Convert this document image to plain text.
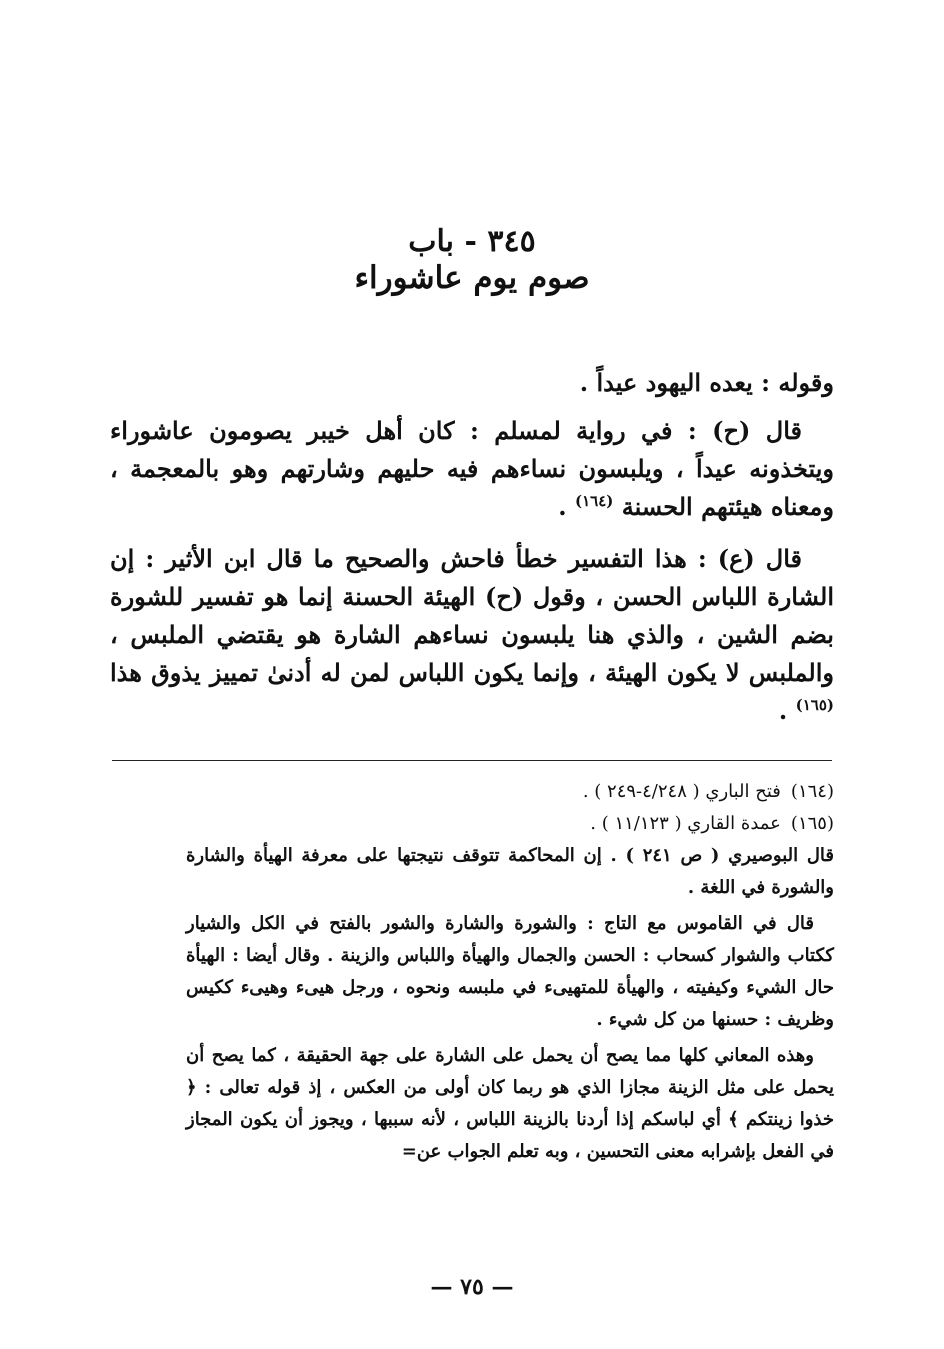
٣٤٥ - باب
صوم يوم عاشوراء

وقوله : يعده اليهود عيداً .

قال (ح) : في رواية لمسلم : كان أهل خيبر يصومون عاشوراء ويتخذونه عيداً ، ويلبسون نساءهم فيه حليهم وشارتهم وهو بالمعجمة ، ومعناه هيئتهم الحسنة $^{(١٦٤)}$ .

قال (ع) : هذا التفسير خطأ فاحش والصحيح ما قال ابن الأثير : إن الشارة اللباس الحسن ، وقول (ح) الهيئة الحسنة إنما هو تفسير للشورة بضم الشين ، والذي هنا يلبسون نساءهم الشارة هو يقتضي الملبس ، والملبس لا يكون الهيئة ، وإنما يكون اللباس لمن له أدنىٰ تمييز يذوق هذا $^{(١٦٥)}$ .

(١٦٤)فتح الباري ( ٤/٢٤٨-٢٤٩ ) .

(١٦٥)عمدة القاري ( ١١/١٢٣ ) .

قال البوصيري ( ص ٢٤١ ) . إن المحاكمة تتوقف نتيجتها على معرفة الهيأة والشارة والشورة في اللغة .

قال في القاموس مع التاج : والشورة والشارة والشور بالفتح في الكل والشيار ككتاب والشوار كسحاب : الحسن والجمال والهيأة واللباس والزينة . وقال أيضا : الهيأة حال الشيء وكيفيته ، والهيأة للمتهيىء في ملبسه ونحوه ، ورجل هيىء وهيىء ككيس وظريف : حسنها من كل شيء .

وهذه المعاني كلها مما يصح أن يحمل على الشارة على جهة الحقيقة ، كما يصح أن يحمل على مثل الزينة مجازا الذي هو ربما كان أولى من العكس ، إذ قوله تعالى : ﴿ خذوا زينتكم ﴾ أي لباسكم إذا أردنا بالزينة اللباس ، لأنه سببها ، ويجوز أن يكون المجاز في الفعل بإشرابه معنى التحسين ، وبه تعلم الجواب عن=

— ٧٥ —
